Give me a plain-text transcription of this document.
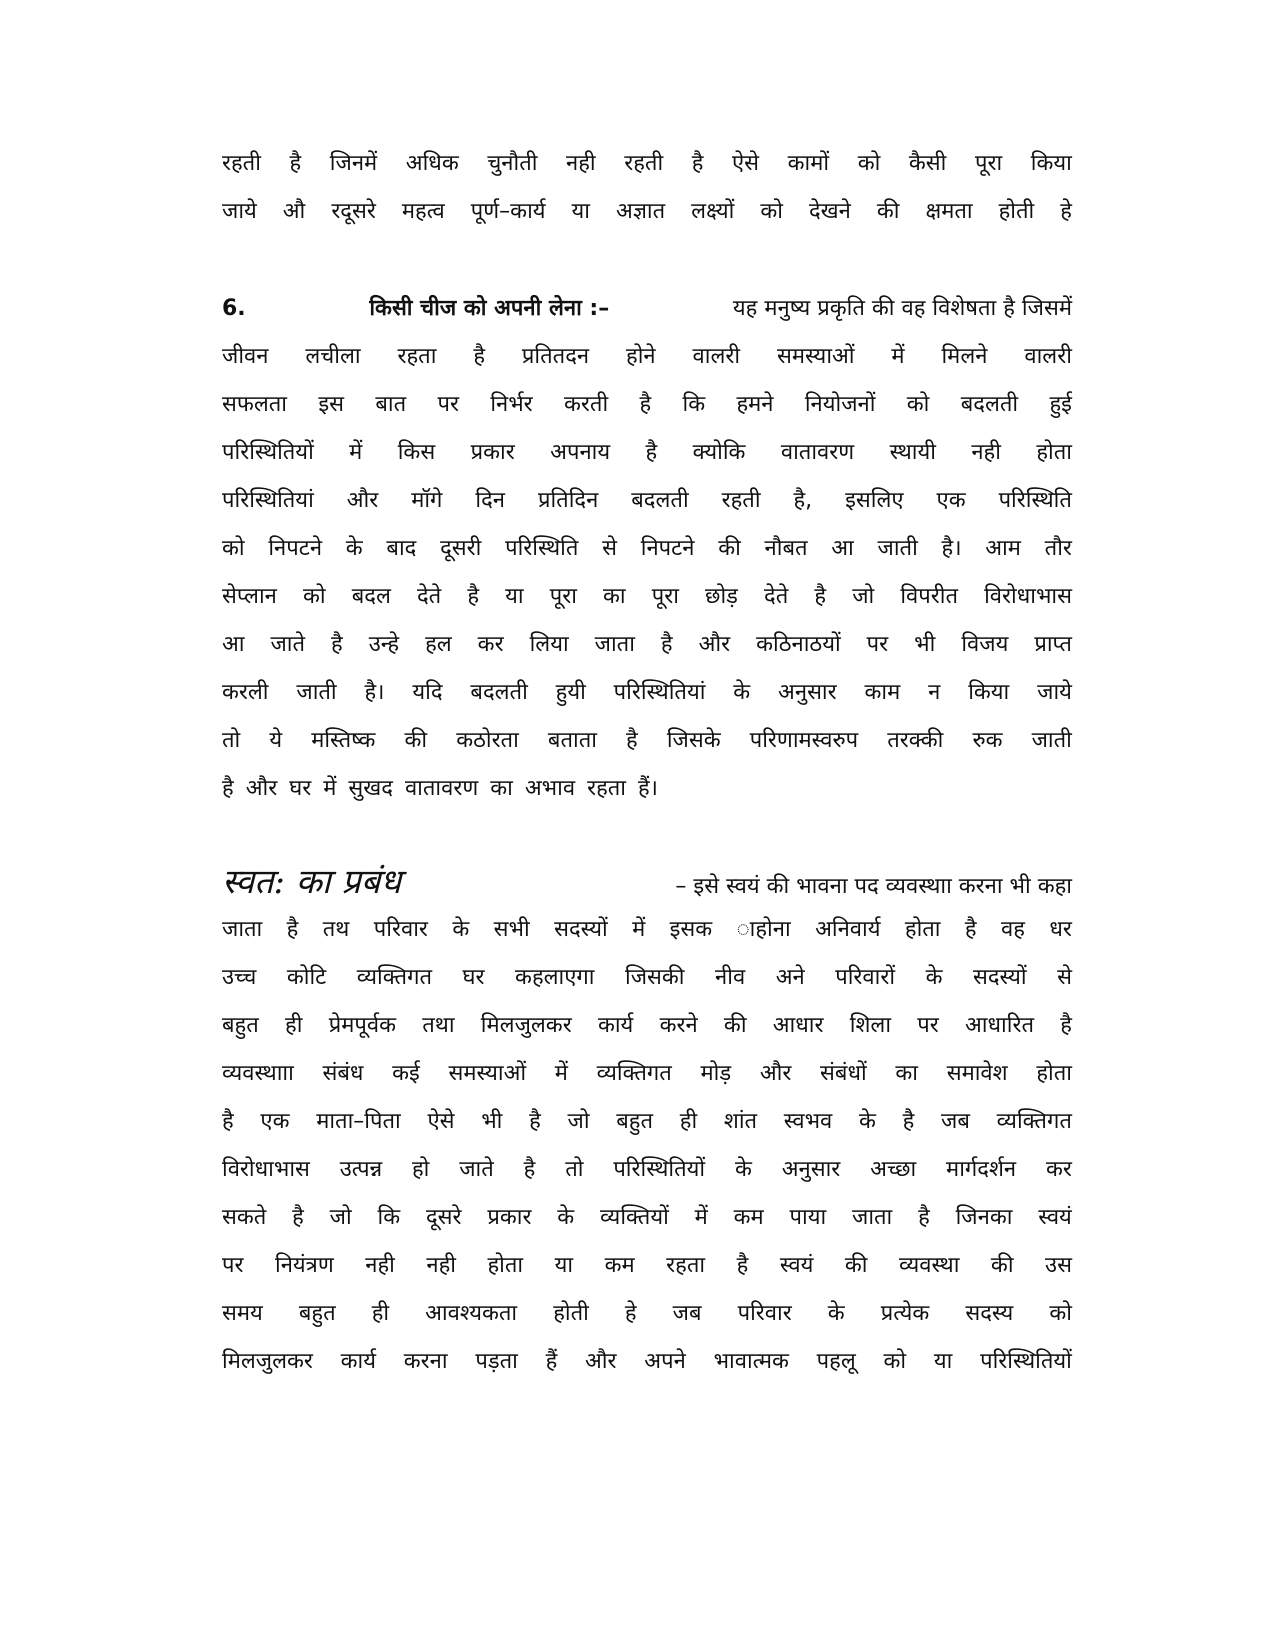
रहती है जिनमें अधिक चुनौती नही रहती है ऐसे कामों को कैसी पूरा किया
जाये औ रदूसरे महत्व पूर्ण–कार्य या अज्ञात लक्ष्यों को देखने की क्षमता होती हे
6.	किसी चीज को अपनी लेना :–	यह मनुष्य प्रकृति की वह विशेषता है जिसमें
जीवन लचीला रहता है प्रतितदन होने वालरी समस्याओं में मिलने वालरी
सफलता इस बात पर निर्भर करती है कि हमने नियोजनों को बदलती हुई
परिस्थितियों में किस प्रकार अपनाय है क्योकि वातावरण स्थायी नही होता
परिस्थितियां और मॉगे दिन प्रतिदिन बदलती रहती है, इसलिए एक परिस्थिति
को निपटने के बाद दूसरी परिस्थिति से निपटने की नौबत आ जाती है। आम तौर
सेप्लान को बदल देते है या पूरा का पूरा छोड़ देते है जो विपरीत विरोधाभास
आ जाते है उन्हे हल कर लिया जाता है और कठिनाठयों पर भी विजय प्राप्त
करली जाती है। यदि बदलती हुयी परिस्थितियां के अनुसार काम न किया जाये
तो ये मस्तिष्क की कठोरता बताता है जिसके परिणामस्वरुप तरक्की रुक जाती
है और घर में सुखद वातावरण का अभाव रहता हैं।
स्वत: का प्रबंध	– इसे स्वयं की भावना पद व्यवस्थाा करना भी कहा
जाता है तथ परिवार के सभी सदस्यों में इसक ाहोना अनिवार्य होता है वह धर
उच्च कोटि व्यक्तिगत घर कहलाएगा जिसकी नीव अने परिवारों के सदस्यों से
बहुत ही प्रेमपूर्वक तथा मिलजुलकर कार्य करने की आधार शिला पर आधारित है
व्यवस्थााा संबंध कई समस्याओं में व्यक्तिगत मोड़ और संबंधों का समावेश होता
है एक माता–पिता ऐसे भी है जो बहुत ही शांत स्वभव के है जब व्यक्तिगत
विरोधाभास उत्पन्न हो जाते है तो परिस्थितियों के अनुसार अच्छा मार्गदर्शन कर
सकते है जो कि दूसरे प्रकार के व्यक्तियों में कम पाया जाता है जिनका स्वयं
पर नियंत्रण नही नही होता या कम रहता है स्वयं की व्यवस्था की उस
समय बहुत ही आवश्यकता होती हे जब परिवार के प्रत्येक सदस्य को
मिलजुलकर कार्य करना पड़ता हैं और अपने भावात्मक पहलू को या परिस्थितियों
